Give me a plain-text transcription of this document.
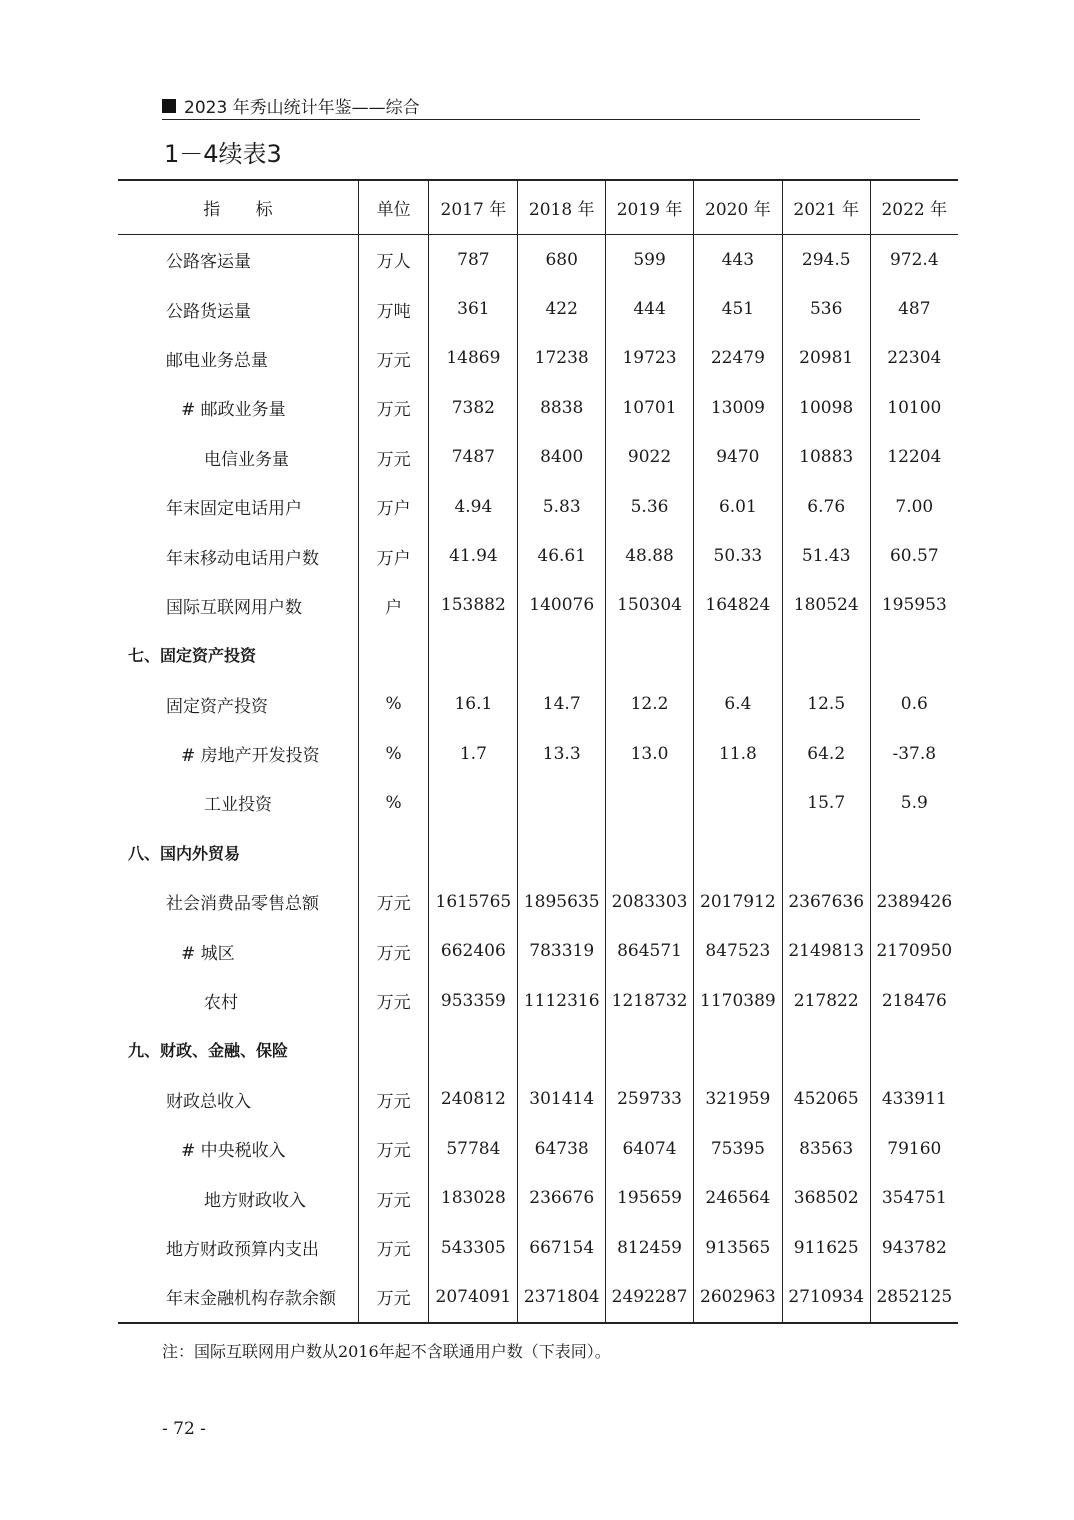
2023 年秀山统计年鉴——综合
1－4续表3
指 标	单位	2017 年	2018 年	2019 年	2020 年	2021 年	2022 年
公路客运量	万人	787	680	599	443	294.5	972.4
公路货运量	万吨	361	422	444	451	536	487
邮电业务总量	万元	14869	17238	19723	22479	20981	22304
# 邮政业务量	万元	7382	8838	10701	13009	10098	10100
电信业务量	万元	7487	8400	9022	9470	10883	12204
年末固定电话用户	万户	4.94	5.83	5.36	6.01	6.76	7.00
年末移动电话用户数	万户	41.94	46.61	48.88	50.33	51.43	60.57
国际互联网用户数	户	153882	140076	150304	164824	180524	195953
七、固定资产投资							
固定资产投资	%	16.1	14.7	12.2	6.4	12.5	0.6
# 房地产开发投资	%	1.7	13.3	13.0	11.8	64.2	-37.8
工业投资	%					15.7	5.9
八、国内外贸易							
社会消费品零售总额	万元	1615765	1895635	2083303	2017912	2367636	2389426
# 城区	万元	662406	783319	864571	847523	2149813	2170950
农村	万元	953359	1112316	1218732	1170389	217822	218476
九、财政、金融、保险							
财政总收入	万元	240812	301414	259733	321959	452065	433911
# 中央税收入	万元	57784	64738	64074	75395	83563	79160
地方财政收入	万元	183028	236676	195659	246564	368502	354751
地方财政预算内支出	万元	543305	667154	812459	913565	911625	943782
年末金融机构存款余额	万元	2074091	2371804	2492287	2602963	2710934	2852125
注：国际互联网用户数从2016年起不含联通用户数（下表同）。
- 72 -
